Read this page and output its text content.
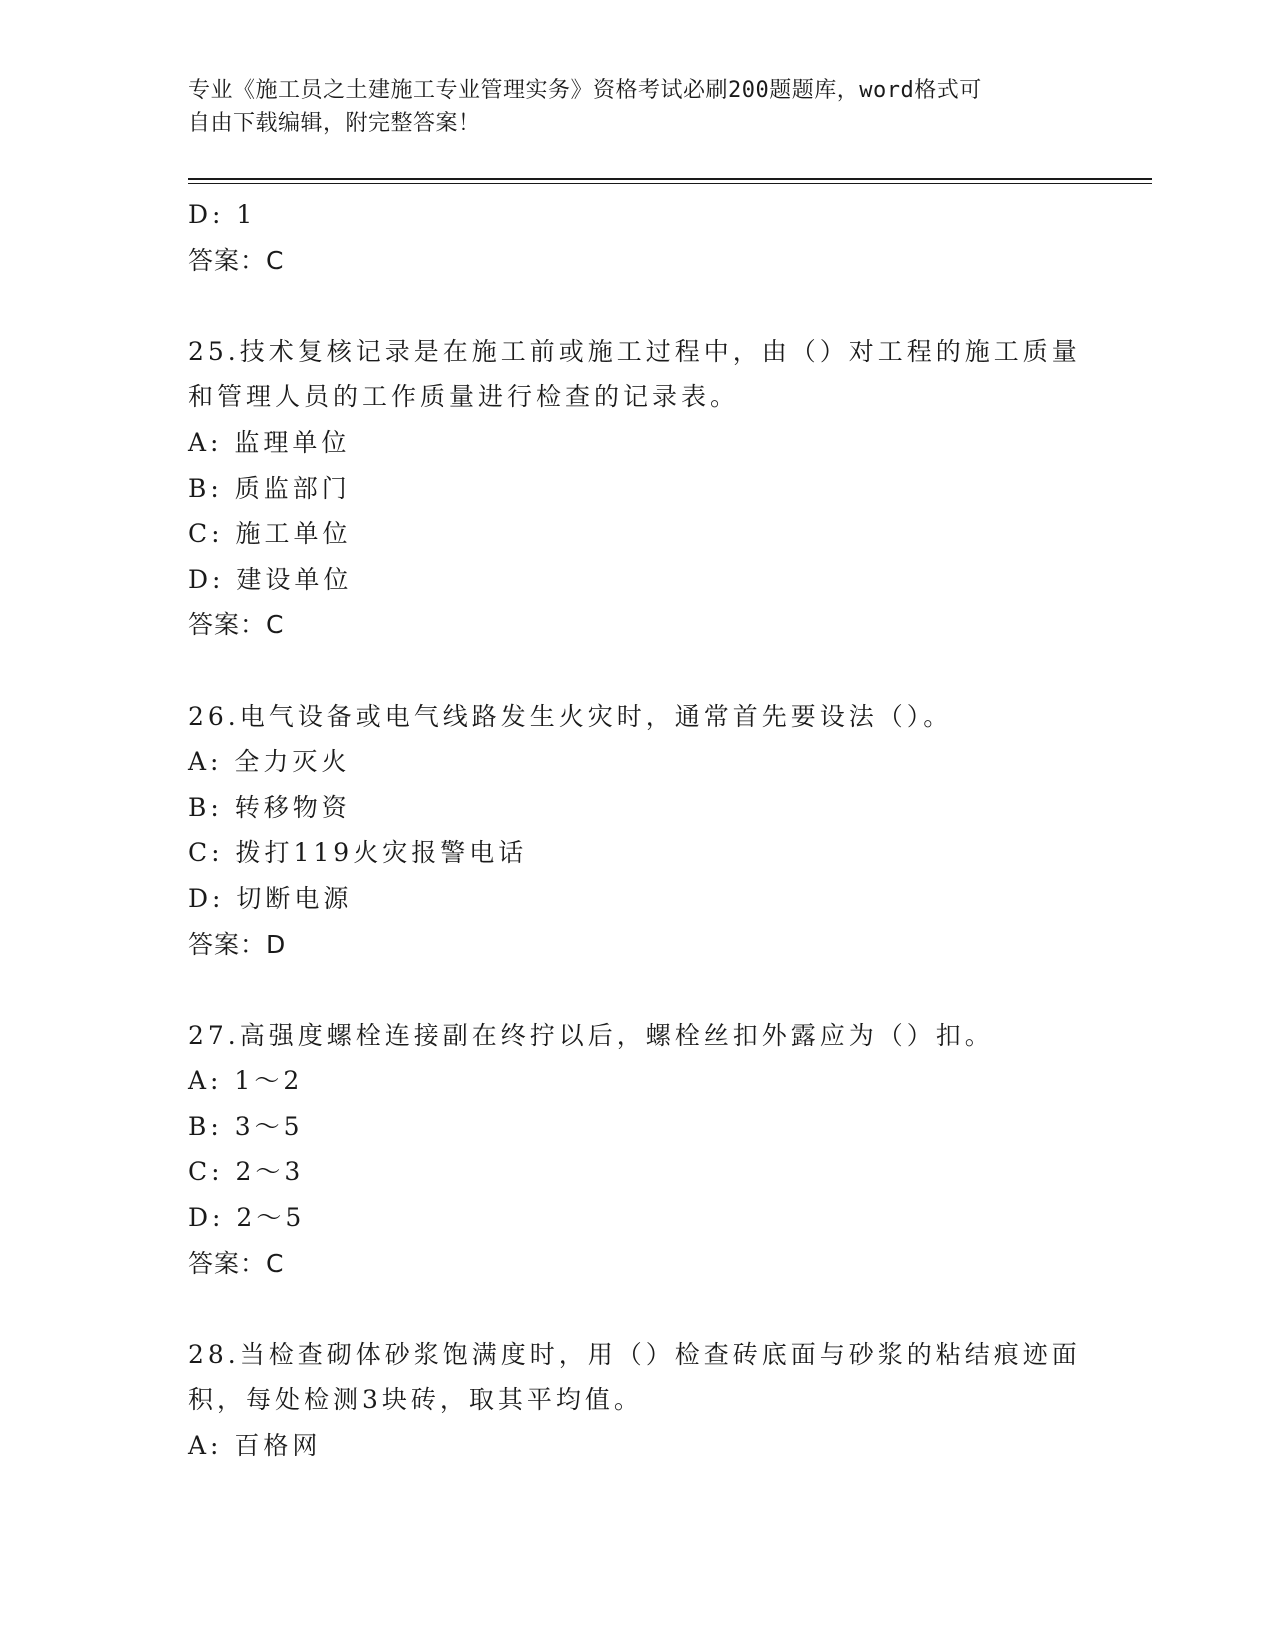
专业《施工员之土建施工专业管理实务》资格考试必刷200题题库，word格式可
自由下载编辑，附完整答案！
D: 1
答案：C
25.技术复核记录是在施工前或施工过程中，由（）对工程的施工质量
和管理人员的工作质量进行检查的记录表。
A: 监理单位
B: 质监部门
C: 施工单位
D: 建设单位
答案：C
26.电气设备或电气线路发生火灾时，通常首先要设法（）。
A: 全力灭火
B: 转移物资
C: 拨打119火灾报警电话
D: 切断电源
答案：D
27.高强度螺栓连接副在终拧以后，螺栓丝扣外露应为（）扣。
A: 1～2
B: 3～5
C: 2～3
D: 2～5
答案：C
28.当检查砌体砂浆饱满度时，用（）检查砖底面与砂浆的粘结痕迹面
积，每处检测3块砖，取其平均值。
A: 百格网
